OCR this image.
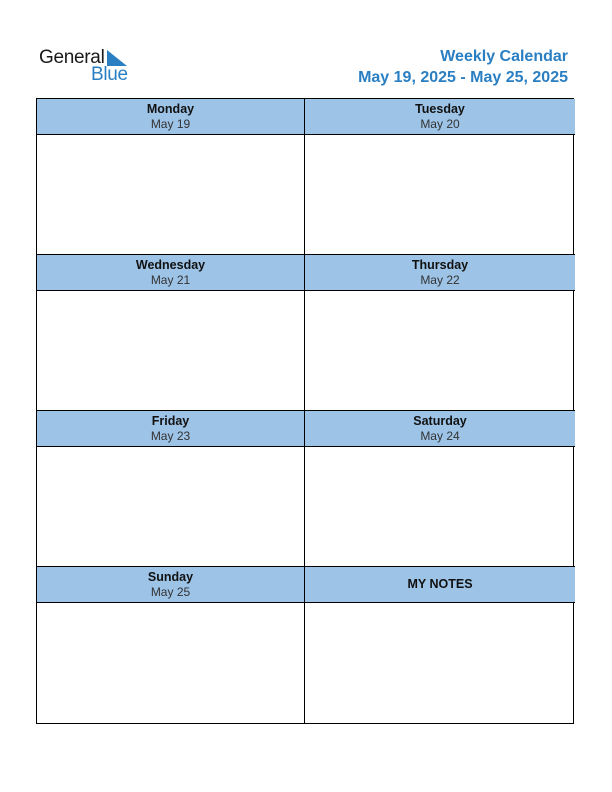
General
Blue
Weekly Calendar
May 19, 2025 - May 25, 2025
Monday
May 19
Tuesday
May 20
Wednesday
May 21
Thursday
May 22
Friday
May 23
Saturday
May 24
Sunday
May 25
MY NOTES
